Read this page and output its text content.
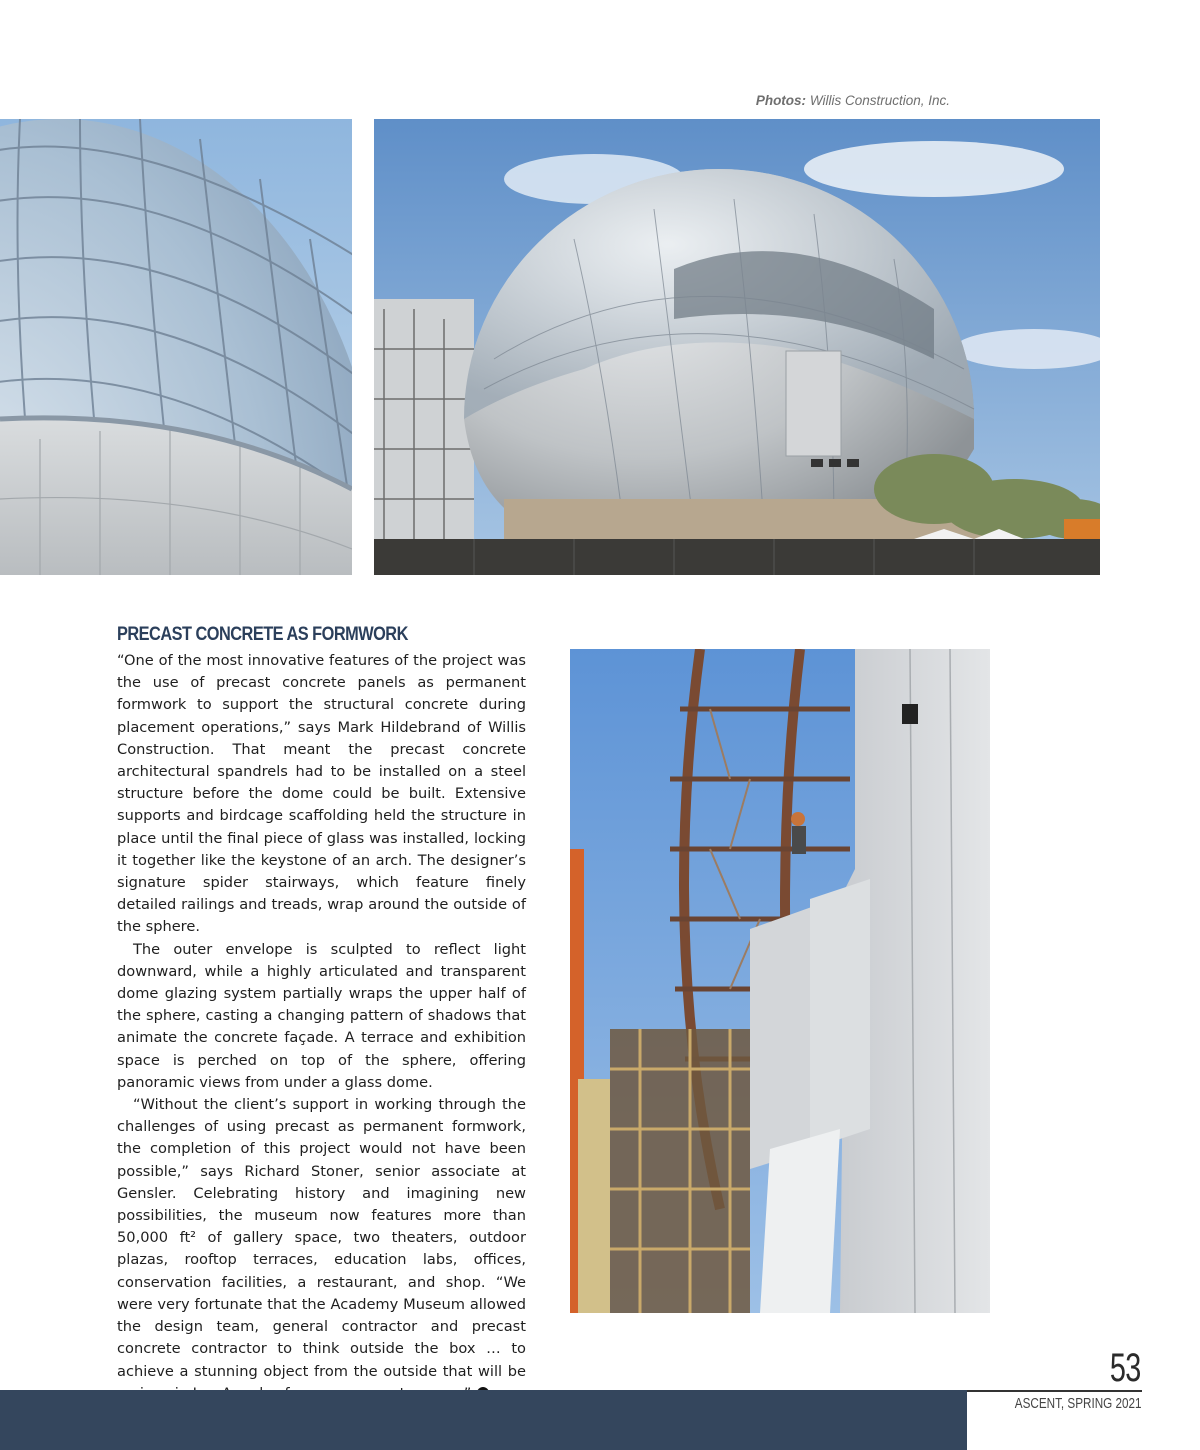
Photos: Willis Construction, Inc.
PRECAST CONCRETE AS FORMWORK

“One of the most innovative features of the project was the use of precast concrete panels as permanent formwork to support the structural concrete during placement operations,” says Mark Hildebrand of Willis Construction. That meant the precast concrete architectural spandrels had to be installed on a steel structure before the dome could be built. Extensive supports and birdcage scaffolding held the structure in place until the final piece of glass was installed, locking it together like the keystone of an arch. The designer’s signature spider stairways, which feature finely detailed railings and treads, wrap around the outside of the sphere.

The outer envelope is sculpted to reflect light downward, while a highly articulated and transparent dome glazing system partially wraps the upper half of the sphere, casting a changing pattern of shadows that animate the concrete façade. A terrace and exhibition space is perched on top of the sphere, offering panoramic views from under a glass dome.

“Without the client’s support in working through the challenges of using precast as permanent formwork, the completion of this project would not have been possible,” says Richard Stoner, senior associate at Gensler. Celebrating history and imagining new possibilities, the museum now features more than 50,000 ft² of gallery space, two theaters, outdoor plazas, rooftop terraces, education labs, offices, conservation facilities, a restaurant, and shop. “We were very fortunate that the Academy Museum allowed the design team, general contractor and precast concrete contractor to think outside the box … to achieve a stunning object from the outside that will be	53
ASCENT, SPRING 2021
